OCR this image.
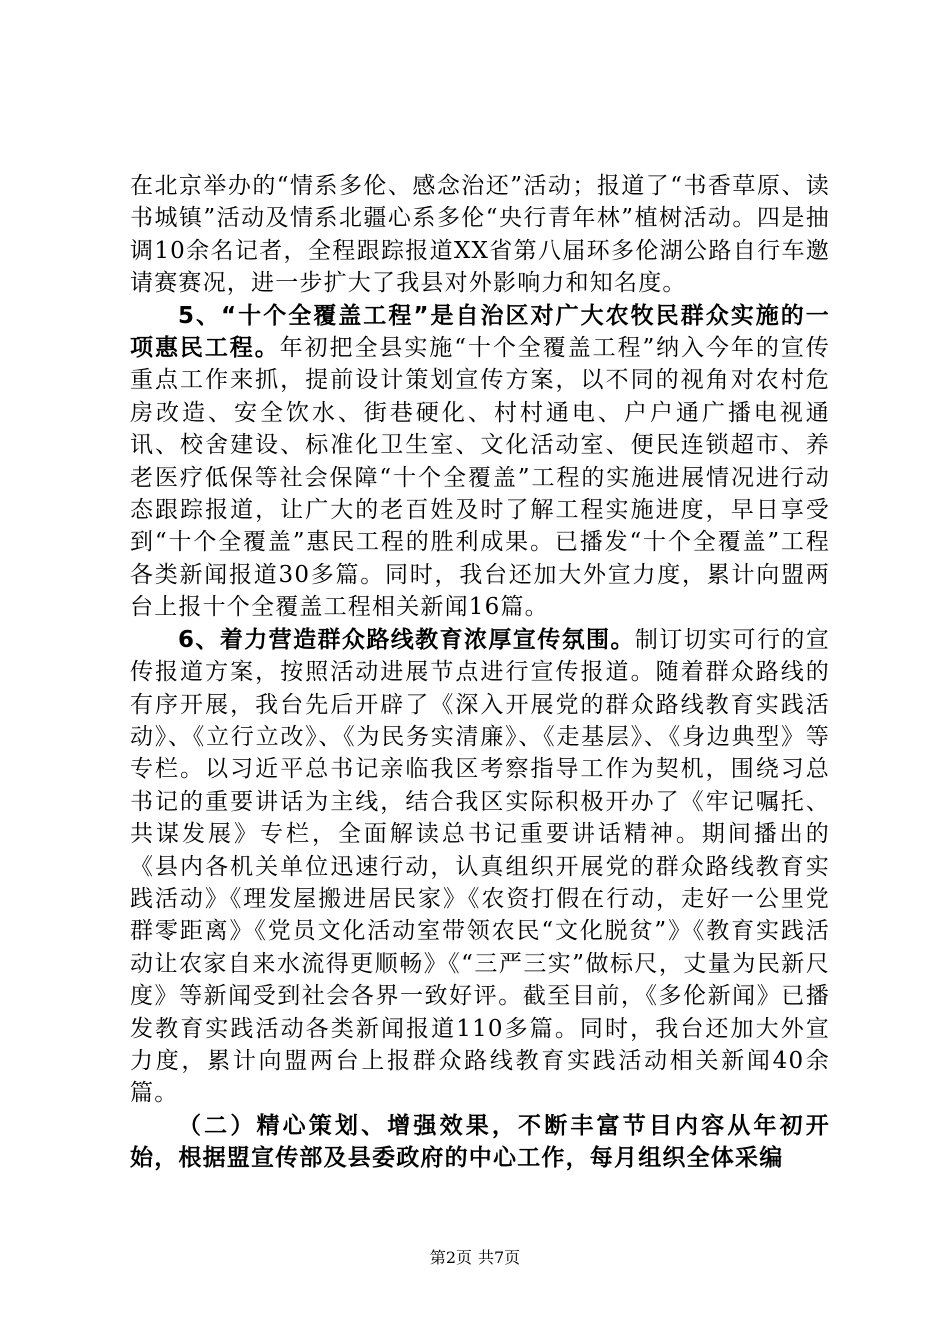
在北京举办的“情系多伦、感念治还”活动；报道了“书香草原、读书城镇”活动及情系北疆心系多伦“央行青年林”植树活动。四是抽调10余名记者，全程跟踪报道XX省第八届环多伦湖公路自行车邀请赛赛况，进一步扩大了我县对外影响力和知名度。

5、“十个全覆盖工程”是自治区对广大农牧民群众实施的一项惠民工程。年初把全县实施“十个全覆盖工程”纳入今年的宣传重点工作来抓，提前设计策划宣传方案，以不同的视角对农村危房改造、安全饮水、街巷硬化、村村通电、户户通广播电视通讯、校舍建设、标准化卫生室、文化活动室、便民连锁超市、养老医疗低保等社会保障“十个全覆盖”工程的实施进展情况进行动态跟踪报道，让广大的老百姓及时了解工程实施进度，早日享受到“十个全覆盖”惠民工程的胜利成果。已播发“十个全覆盖”工程各类新闻报道30多篇。同时，我台还加大外宣力度，累计向盟两台上报十个全覆盖工程相关新闻16篇。

6、着力营造群众路线教育浓厚宣传氛围。制订切实可行的宣传报道方案，按照活动进展节点进行宣传报道。随着群众路线的有序开展，我台先后开辟了《深入开展党的群众路线教育实践活动》、《立行立改》、《为民务实清廉》、《走基层》、《身边典型》等专栏。以习近平总书记亲临我区考察指导工作为契机，围绕习总书记的重要讲话为主线，结合我区实际积极开办了《牢记嘱托、共谋发展》专栏，全面解读总书记重要讲话精神。期间播出的《县内各机关单位迅速行动，认真组织开展党的群众路线教育实践活动》《理发屋搬进居民家》《农资打假在行动，走好一公里党群零距离》《党员文化活动室带领农民“文化脱贫”》《教育实践活动让农家自来水流得更顺畅》《“三严三实”做标尺，丈量为民新尺度》等新闻受到社会各界一致好评。截至目前，《多伦新闻》已播发教育实践活动各类新闻报道110多篇。同时，我台还加大外宣力度，累计向盟两台上报群众路线教育实践活动相关新闻40余篇。

（二）精心策划、增强效果，不断丰富节目内容从年初开始，根据盟宣传部及县委政府的中心工作，每月组织全体采编

第2页 共7页
